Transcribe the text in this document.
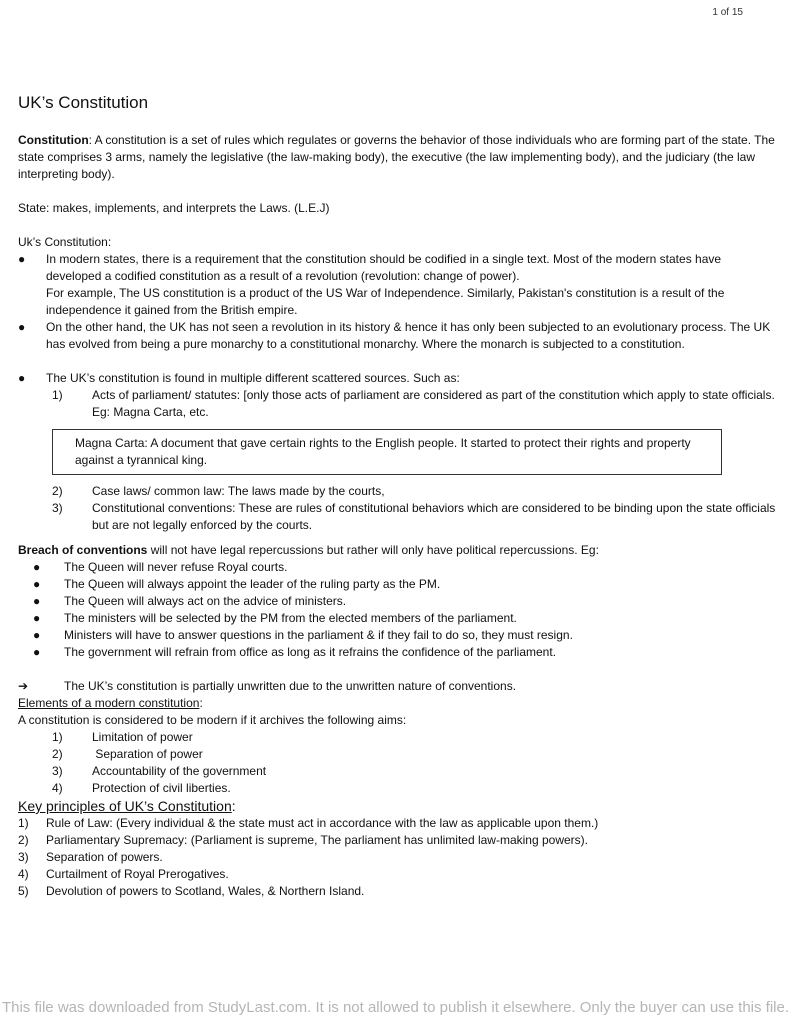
1 of 15
UK’s Constitution

Constitution: A constitution is a set of rules which regulates or governs the behavior of those individuals who are forming part of the state. The state comprises 3 arms, namely the legislative (the law-making body), the executive (the law implementing body), and the judiciary (the law interpreting body).

State: makes, implements, and interprets the Laws. (L.E.J)

Uk’s Constitution:

●	In modern states, there is a requirement that the constitution should be codified in a single text. Most of the modern states have developed a codified constitution as a result of a revolution (revolution: change of power).

For example, The US constitution is a product of the US War of Independence. Similarly, Pakistan's constitution is a result of the independence it gained from the British empire.

●	On the other hand, the UK has not seen a revolution in its history & hence it has only been subjected to an evolutionary process. The UK has evolved from being a pure monarchy to a constitutional monarchy. Where the monarch is subjected to a constitution.

●	The UK’s constitution is found in multiple different scattered sources. Such as:

1)	Acts of parliament/ statutes: [only those acts of parliament are considered as part of the constitution which apply to state officials. Eg: Magna Carta, etc.

Magna Carta: A document that gave certain rights to the English people. It started to protect their rights and property against a tyrannical king.

2)	Case laws/ common law: The laws made by the courts,

3)	Constitutional conventions: These are rules of constitutional behaviors which are considered to be binding upon the state officials but are not legally enforced by the courts.

Breach of conventions will not have legal repercussions but rather will only have political repercussions. Eg:

●	The Queen will never refuse Royal courts.

●	The Queen will always appoint the leader of the ruling party as the PM.

●	The Queen will always act on the advice of ministers.

●	The ministers will be selected by the PM from the elected members of the parliament.

●	Ministers will have to answer questions in the parliament & if they fail to do so, they must resign.

●	The government will refrain from office as long as it refrains the confidence of the parliament.

➔	The UK’s constitution is partially unwritten due to the unwritten nature of conventions.

Elements of a modern constitution:

A constitution is considered to be modern if it archives the following aims:

1)	Limitation of power

2)	Separation of power

3)	Accountability of the government

4)	Protection of civil liberties.

Key principles of UK’s Constitution:

1)	Rule of Law: (Every individual & the state must act in accordance with the law as applicable upon them.)

2)	Parliamentary Supremacy: (Parliament is supreme, The parliament has unlimited law-making powers).

3)	Separation of powers.

4)	Curtailment of Royal Prerogatives.

5)	Devolution of powers to Scotland, Wales, & Northern Island.

This file was downloaded from StudyLast.com. It is not allowed to publish it elsewhere. Only the buyer can use this file.
